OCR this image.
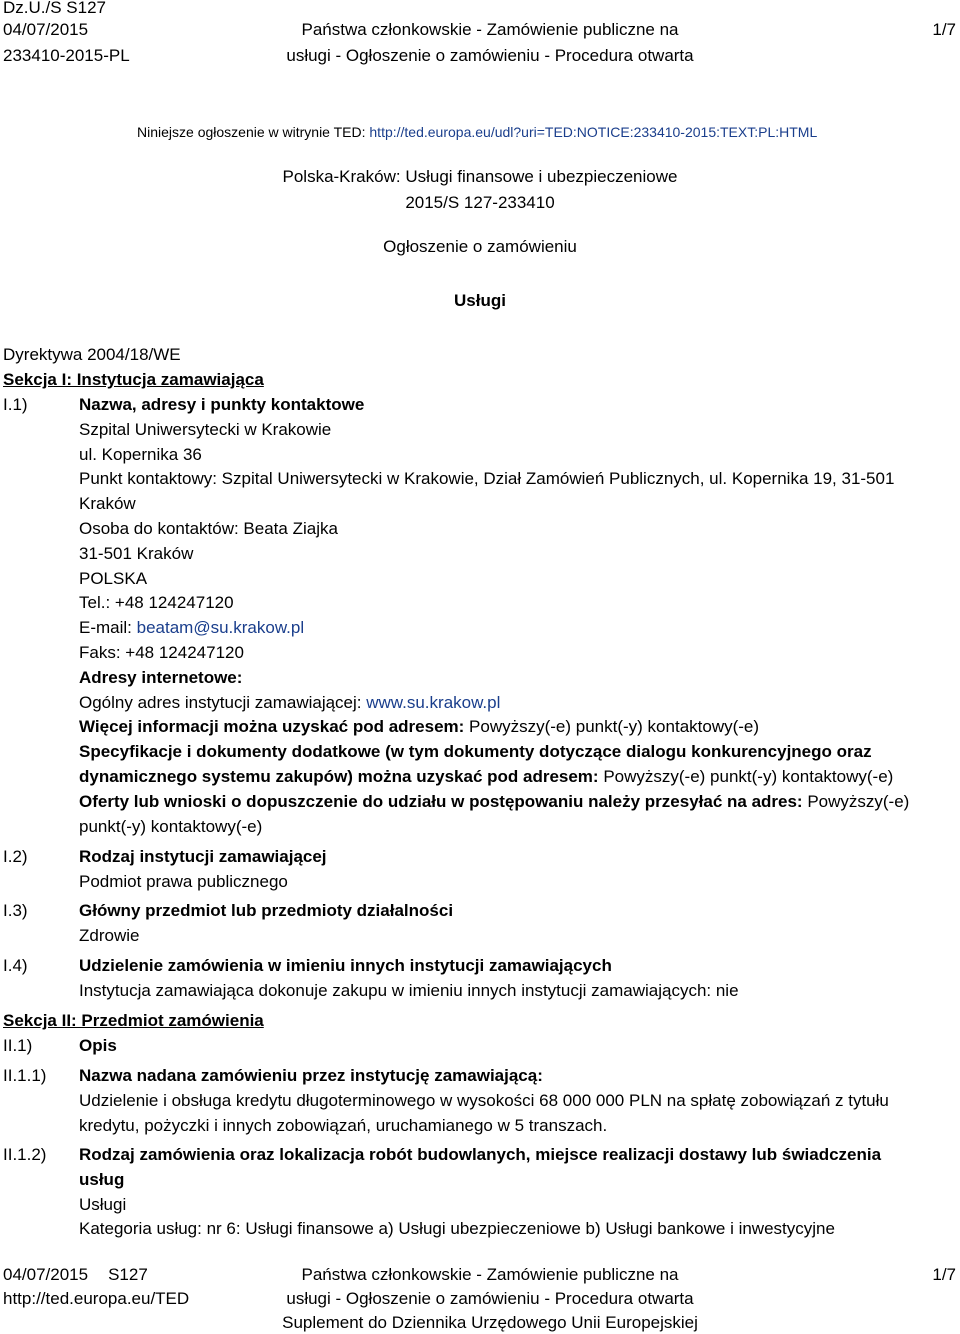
Dz.U./S S127
04/07/2015
233410-2015-PL
Państwa członkowskie - Zamówienie publiczne na
usługi - Ogłoszenie o zamówieniu - Procedura otwarta
1/7
Niniejsze ogłoszenie w witrynie TED: http://ted.europa.eu/udl?uri=TED:NOTICE:233410-2015:TEXT:PL:HTML
Polska-Kraków: Usługi finansowe i ubezpieczeniowe
2015/S 127-233410
Ogłoszenie o zamówieniu
Usługi
Dyrektywa 2004/18/WE
Sekcja I: Instytucja zamawiająca
I.1)	Nazwa, adresy i punkty kontaktowe
Szpital Uniwersytecki w Krakowie
ul. Kopernika 36
Punkt kontaktowy: Szpital Uniwersytecki w Krakowie, Dział Zamówień Publicznych, ul. Kopernika 19, 31-501
Kraków
Osoba do kontaktów: Beata Ziajka
31-501 Kraków
POLSKA
Tel.: +48 124247120
E-mail: beatam@su.krakow.pl
Faks: +48 124247120
Adresy internetowe:
Ogólny adres instytucji zamawiającej: www.su.krakow.pl
Więcej informacji można uzyskać pod adresem: Powyższy(-e) punkt(-y) kontaktowy(-e)
Specyfikacje i dokumenty dodatkowe (w tym dokumenty dotyczące dialogu konkurencyjnego oraz
dynamicznego systemu zakupów) można uzyskać pod adresem: Powyższy(-e) punkt(-y) kontaktowy(-e)
Oferty lub wnioski o dopuszczenie do udziału w postępowaniu należy przesyłać na adres: Powyższy(-e)
punkt(-y) kontaktowy(-e)
I.2)	Rodzaj instytucji zamawiającej
Podmiot prawa publicznego
I.3)	Główny przedmiot lub przedmioty działalności
Zdrowie
I.4)	Udzielenie zamówienia w imieniu innych instytucji zamawiających
Instytucja zamawiająca dokonuje zakupu w imieniu innych instytucji zamawiających: nie
Sekcja II: Przedmiot zamówienia
II.1)	Opis
II.1.1)	Nazwa nadana zamówieniu przez instytucję zamawiającą:
Udzielenie i obsługa kredytu długoterminowego w wysokości 68 000 000 PLN na spłatę zobowiązań z tytułu
kredytu, pożyczki i innych zobowiązań, uruchamianego w 5 transzach.
II.1.2)	Rodzaj zamówienia oraz lokalizacja robót budowlanych, miejsce realizacji dostawy lub świadczenia
usług
Usługi
Kategoria usług: nr 6: Usługi finansowe a) Usługi ubezpieczeniowe b) Usługi bankowe i inwestycyjne
04/07/2015 S127
http://ted.europa.eu/TED
Państwa członkowskie - Zamówienie publiczne na
usługi - Ogłoszenie o zamówieniu - Procedura otwarta
Suplement do Dziennika Urzędowego Unii Europejskiej
1/7
